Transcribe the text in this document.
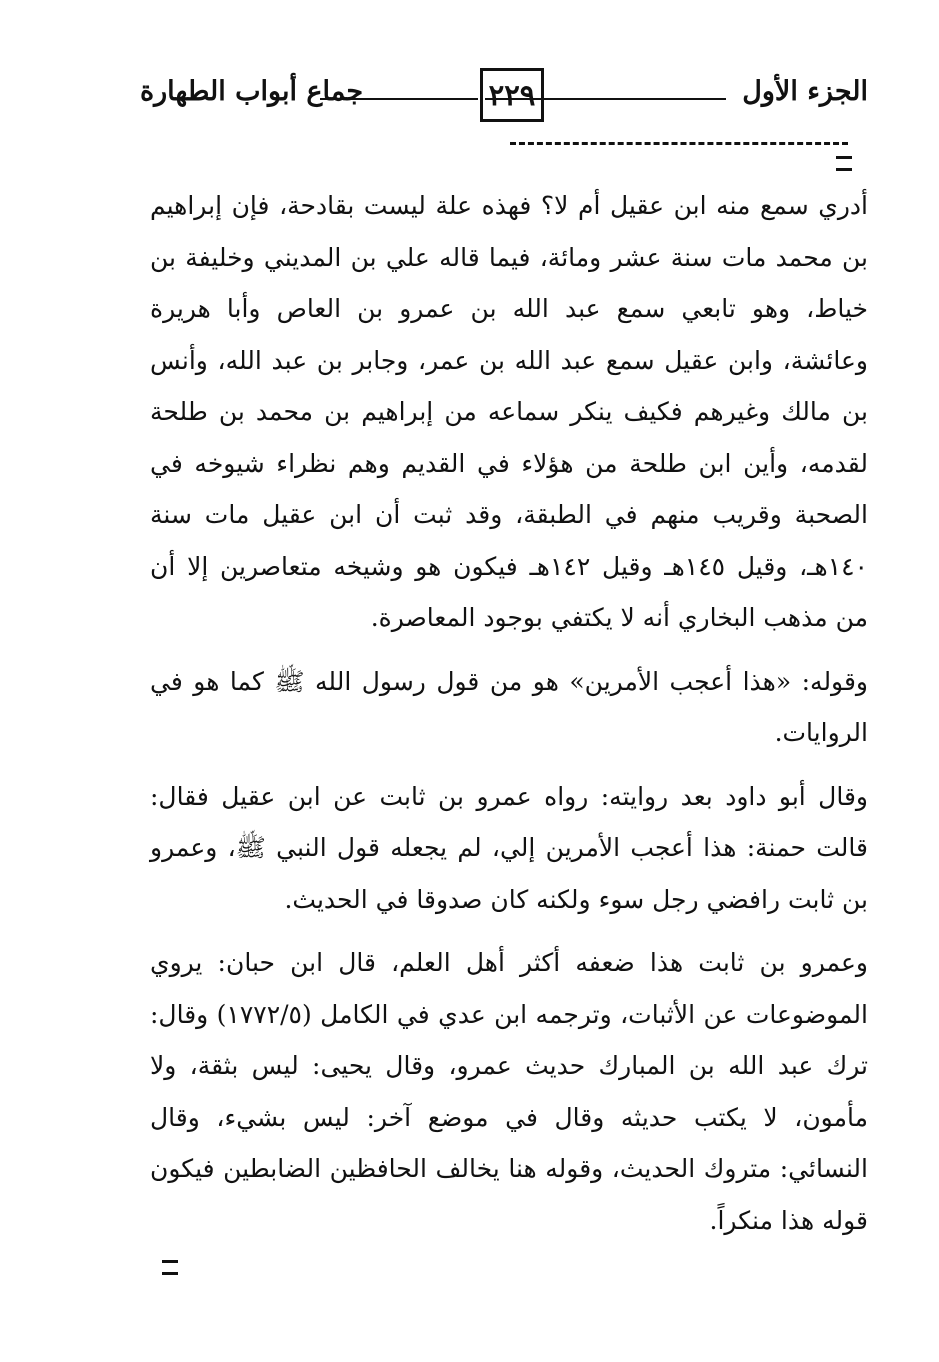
الجزء الأول
٢٢٩
جماع أبواب الطهارة

أدري سمع منه ابن عقيل أم لا؟ فهذه علة ليست بقادحة، فإن إبراهيم بن محمد مات سنة عشر ومائة، فيما قاله علي بن المديني وخليفة بن خياط، وهو تابعي سمع عبد الله بن عمرو بن العاص وأبا هريرة وعائشة، وابن عقيل سمع عبد الله بن عمر، وجابر بن عبد الله، وأنس بن مالك وغيرهم فكيف ينكر سماعه من إبراهيم بن محمد بن طلحة لقدمه، وأين ابن طلحة من هؤلاء في القديم وهم نظراء شيوخه في الصحبة وقريب منهم في الطبقة، وقد ثبت أن ابن عقيل مات سنة ١٤٠هـ، وقيل ١٤٥هـ وقيل ١٤٢هـ فيكون هو وشيخه متعاصرين إلا أن من مذهب البخاري أنه لا يكتفي بوجود المعاصرة.

وقوله: «هذا أعجب الأمرين» هو من قول رسول الله ﷺ كما هو في الروايات.

وقال أبو داود بعد روايته: رواه عمرو بن ثابت عن ابن عقيل فقال: قالت حمنة: هذا أعجب الأمرين إلي، لم يجعله قول النبي ﷺ، وعمرو بن ثابت رافضي رجل سوء ولكنه كان صدوقا في الحديث.

وعمرو بن ثابت هذا ضعفه أكثر أهل العلم، قال ابن حبان: يروي الموضوعات عن الأثبات، وترجمه ابن عدي في الكامل (١٧٧٢/٥) وقال: ترك عبد الله بن المبارك حديث عمرو، وقال يحيى: ليس بثقة، ولا مأمون، لا يكتب حديثه وقال في موضع آخر: ليس بشيء، وقال النسائي: متروك الحديث، وقوله هنا يخالف الحافظين الضابطين فيكون قوله هذا منكراً.
